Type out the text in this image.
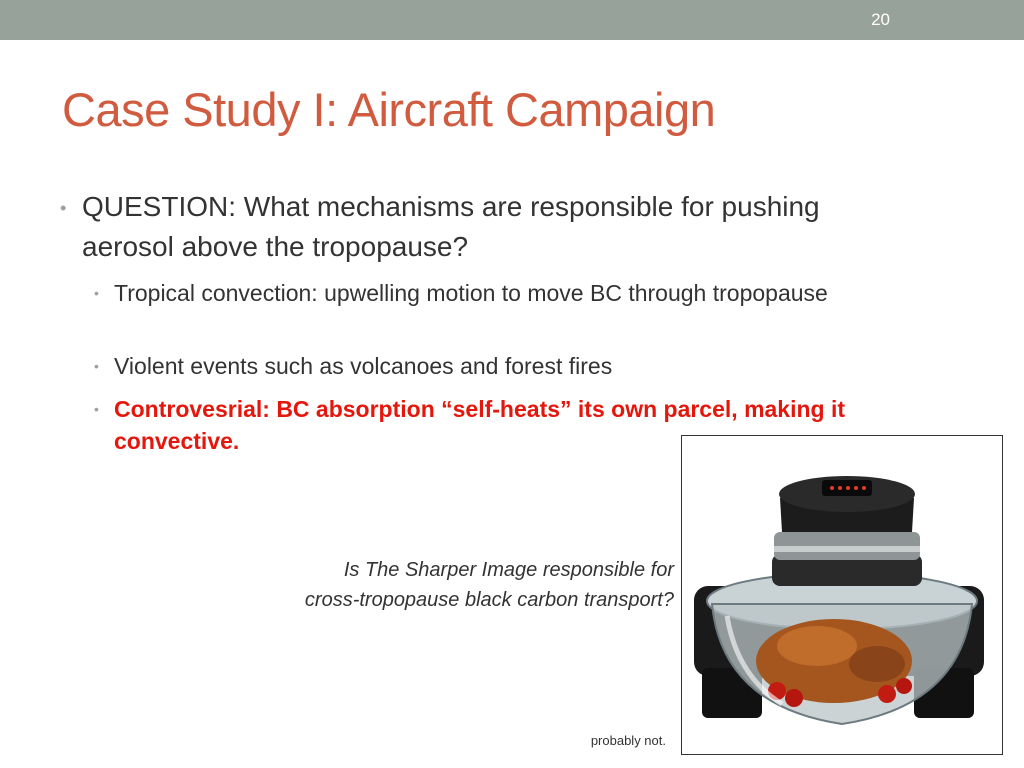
20
Case Study I: Aircraft Campaign
• QUESTION: What mechanisms are responsible for pushing aerosol above the tropopause?
• Tropical convection: upwelling motion to move BC through tropopause
• Violent events such as volcanoes and forest fires
• Controvesrial: BC absorption “self-heats” its own parcel, making it convective.
Is The Sharper Image responsible for
cross-tropopause black carbon transport?
probably not.
